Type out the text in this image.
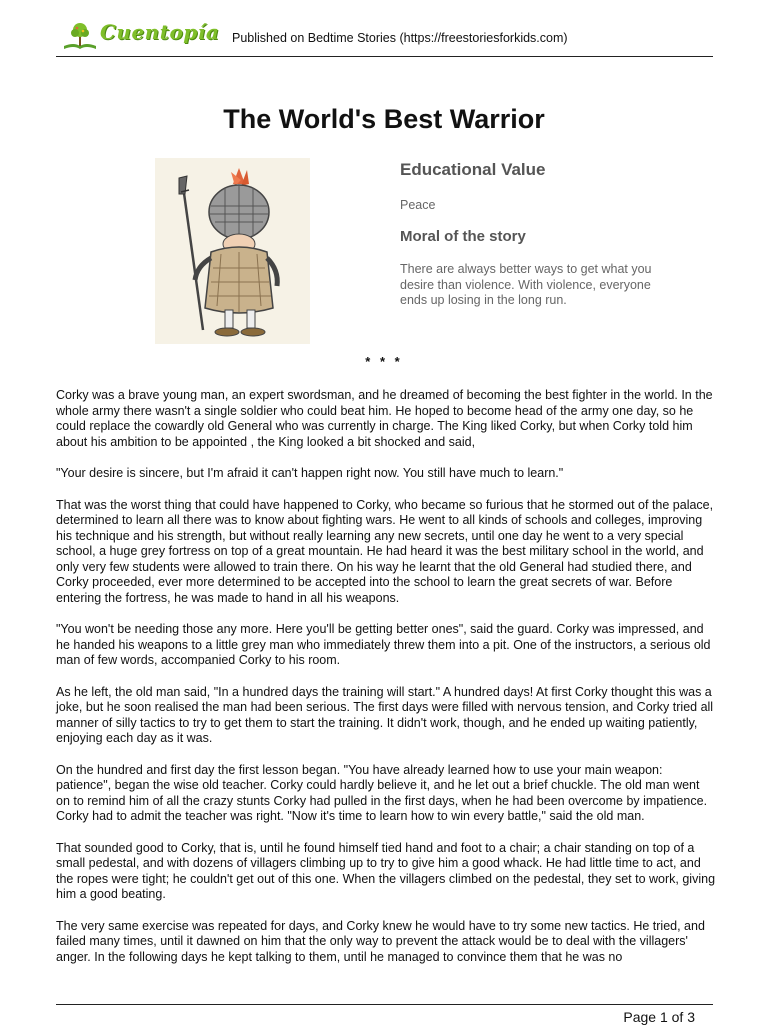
Cuentopía Published on Bedtime Stories (https://freestoriesforkids.com)
The World's Best Warrior
Educational Value
Peace
Moral of the story

There are always better ways to get what you desire than violence. With violence, everyone ends up losing in the long run.

* * *

Corky was a brave young man, an expert swordsman, and he dreamed of becoming the best fighter in the world. In the whole army there wasn't a single soldier who could beat him. He hoped to become head of the army one day, so he could replace the cowardly old General who was currently in charge. The King liked Corky, but when Corky told him about his ambition to be appointed , the King looked a bit shocked and said,

"Your desire is sincere, but I'm afraid it can't happen right now. You still have much to learn."

That was the worst thing that could have happened to Corky, who became so furious that he stormed out of the palace, determined to learn all there was to know about fighting wars. He went to all kinds of schools and colleges, improving his technique and his strength, but without really learning any new secrets, until one day he went to a very special school, a huge grey fortress on top of a great mountain. He had heard it was the best military school in the world, and only very few students were allowed to train there. On his way he learnt that the old General had studied there, and Corky proceeded, ever more determined to be accepted into the school to learn the great secrets of war. Before entering the fortress, he was made to hand in all his weapons.

"You won't be needing those any more. Here you'll be getting better ones", said the guard. Corky was impressed, and he handed his weapons to a little grey man who immediately threw them into a pit. One of the instructors, a serious old man of few words, accompanied Corky to his room.

As he left, the old man said, "In a hundred days the training will start." A hundred days! At first Corky thought this was a joke, but he soon realised the man had been serious. The first days were filled with nervous tension, and Corky tried all manner of silly tactics to try to get them to start the training. It didn't work, though, and he ended up waiting patiently, enjoying each day as it was.

On the hundred and first day the first lesson began. "You have already learned how to use your main weapon: patience", began the wise old teacher. Corky could hardly believe it, and he let out a brief chuckle. The old man went on to remind him of all the crazy stunts Corky had pulled in the first days, when he had been overcome by impatience. Corky had to admit the teacher was right. "Now it's time to learn how to win every battle," said the old man.

That sounded good to Corky, that is, until he found himself tied hand and foot to a chair; a chair standing on top of a small pedestal, and with dozens of villagers climbing up to try to give him a good whack. He had little time to act, and the ropes were tight; he couldn't get out of this one. When the villagers climbed on the pedestal, they set to work, giving him a good beating.

The very same exercise was repeated for days, and Corky knew he would have to try some new tactics. He tried, and failed many times, until it dawned on him that the only way to prevent the attack would be to deal with the villagers' anger. In the following days he kept talking to them, until he managed to convince them that he was no

Page 1 of 3
